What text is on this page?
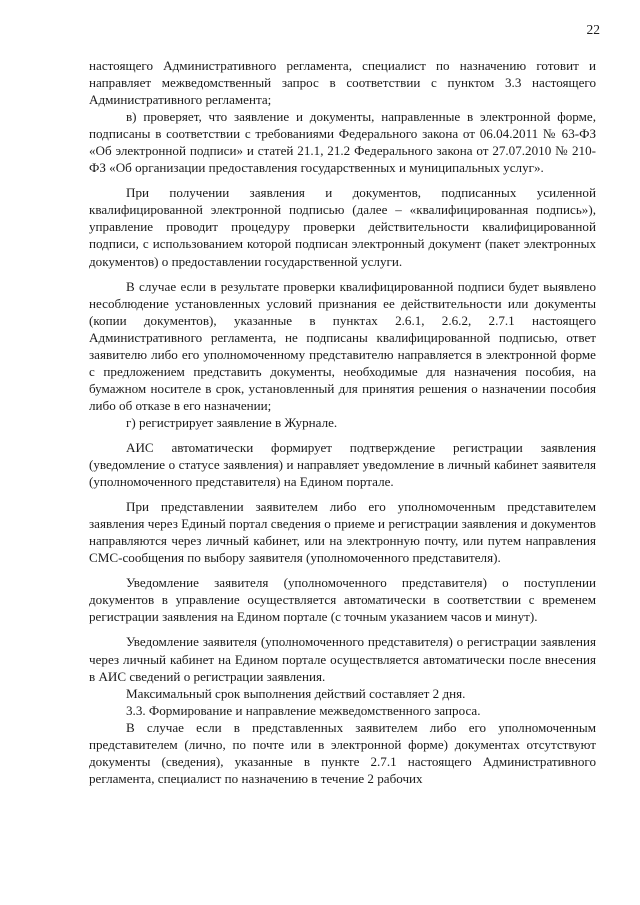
22

настоящего Административного регламента, специалист по назначению готовит и направляет межведомственный запрос в соответствии с пунктом 3.3 настоящего Административного регламента;

в) проверяет, что заявление и документы, направленные в электронной форме, подписаны в соответствии с требованиями Федерального закона от 06.04.2011 № 63-ФЗ «Об электронной подписи» и статей 21.1, 21.2 Федерального закона от 27.07.2010 № 210-ФЗ «Об организации предоставления государственных и муниципальных услуг».

При получении заявления и документов, подписанных усиленной квалифицированной электронной подписью (далее – «квалифицированная подпись»), управление проводит процедуру проверки действительности квалифицированной подписи, с использованием которой подписан электронный документ (пакет электронных документов) о предоставлении государственной услуги.

В случае если в результате проверки квалифицированной подписи будет выявлено несоблюдение установленных условий признания ее действительности или документы (копии документов), указанные в пунктах 2.6.1, 2.6.2, 2.7.1 настоящего Административного регламента, не подписаны квалифицированной подписью, ответ заявителю либо его уполномоченному представителю направляется в электронной форме с предложением представить документы, необходимые для назначения пособия, на бумажном носителе в срок, установленный для принятия решения о назначении пособия либо об отказе в его назначении;

г) регистрирует заявление в Журнале.

АИС автоматически формирует подтверждение регистрации заявления (уведомление о статусе заявления) и направляет уведомление в личный кабинет заявителя (уполномоченного представителя) на Едином портале.

При представлении заявителем либо его уполномоченным представителем заявления через Единый портал сведения о приеме и регистрации заявления и документов направляются через личный кабинет, или на электронную почту, или путем направления СМС-сообщения по выбору заявителя (уполномоченного представителя).

Уведомление заявителя (уполномоченного представителя) о поступлении документов в управление осуществляется автоматически в соответствии с временем регистрации заявления на Едином портале (с точным указанием часов и минут).

Уведомление заявителя (уполномоченного представителя) о регистрации заявления через личный кабинет на Едином портале осуществляется автоматически после внесения в АИС сведений о регистрации заявления.

Максимальный срок выполнения действий составляет 2 дня.

3.3. Формирование и направление межведомственного запроса.

В случае если в представленных заявителем либо его уполномоченным представителем (лично, по почте или в электронной форме) документах отсутствуют документы (сведения), указанные в пункте 2.7.1 настоящего Административного регламента, специалист по назначению в течение 2 рабочих
